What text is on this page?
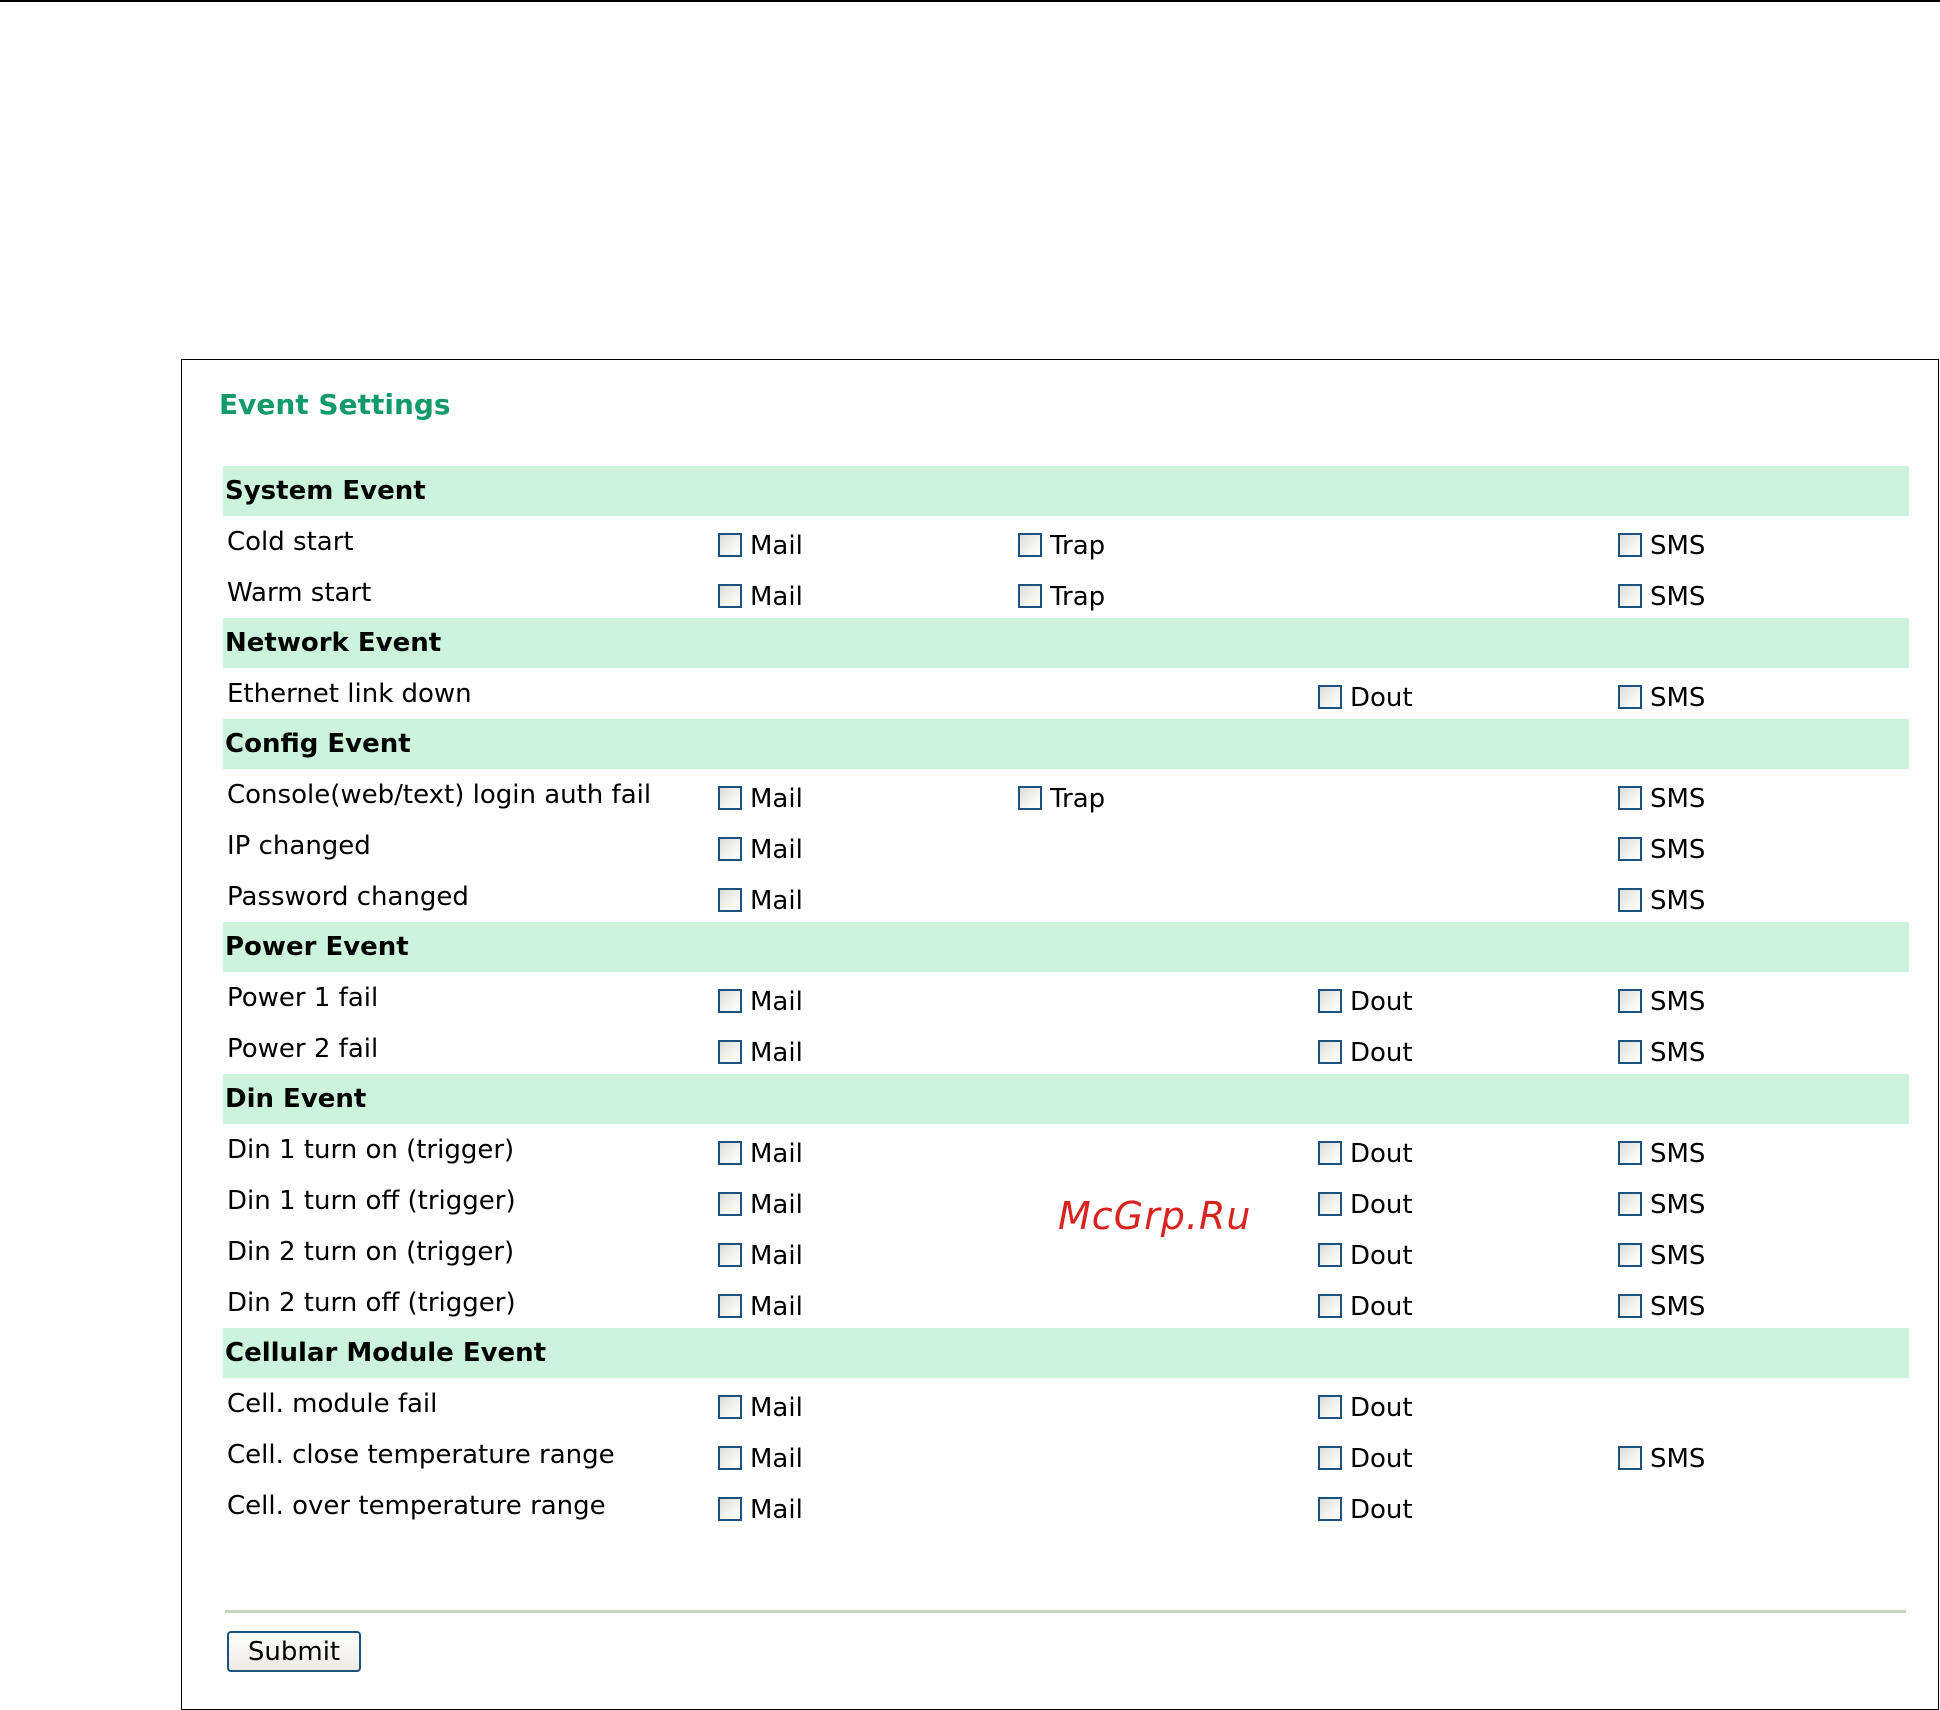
Event Settings
System Event
Cold start	Mail	Trap	SMS
Warm start	Mail	Trap	SMS
Network Event
Ethernet link down	Dout	SMS
Config Event
Console(web/text) login auth fail	Mail	Trap	SMS
IP changed	Mail	SMS
Password changed	Mail	SMS
Power Event
Power 1 fail	Mail	Dout	SMS
Power 2 fail	Mail	Dout	SMS
Din Event
Din 1 turn on (trigger)	Mail	Dout	SMS
Din 1 turn off (trigger)	Mail	Dout	SMS
Din 2 turn on (trigger)	Mail	Dout	SMS
Din 2 turn off (trigger)	Mail	Dout	SMS
Cellular Module Event
Cell. module fail	Mail	Dout
Cell. close temperature range	Mail	Dout	SMS
Cell. over temperature range	Mail	Dout
Submit
McGrp.Ru
